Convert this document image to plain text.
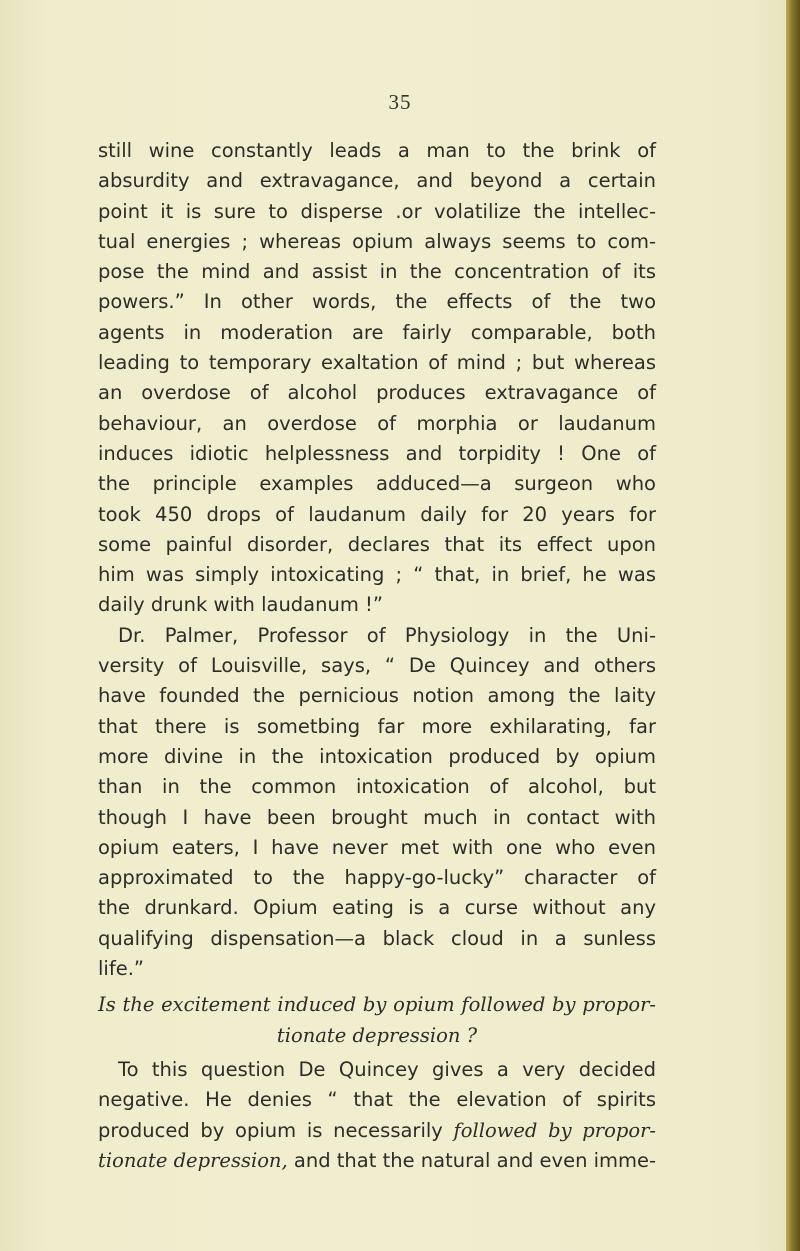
35
still wine constantly leads a man to the brink of
absurdity and extravagance, and beyond a certain
point it is sure to disperse .or volatilize the intellec-
tual energies ; whereas opium always seems to com-
pose the mind and assist in the concentration of its
powers.” In other words, the effects of the two
agents in moderation are fairly comparable, both
leading to temporary exaltation of mind ; but whereas
an overdose of alcohol produces extravagance of
behaviour, an overdose of morphia or laudanum
induces idiotic helplessness and torpidity ! One of
the principle examples adduced—a surgeon who
took 450 drops of laudanum daily for 20 years for
some painful disorder, declares that its effect upon
him was simply intoxicating ; “ that, in brief, he was
daily drunk with laudanum !”
Dr. Palmer, Professor of Physiology in the Uni-
versity of Louisville, says, “ De Quincey and others
have founded the pernicious notion among the laity
that there is sometbing far more exhilarating, far
more divine in the intoxication produced by opium
than in the common intoxication of alcohol, but
though I have been brought much in contact with
opium eaters, I have never met with one who even
approximated to the happy-go-lucky” character of
the drunkard. Opium eating is a curse without any
qualifying dispensation—a black cloud in a sunless
life.”
Is the excitement induced by opium followed by propor-
tionate depression ?
To this question De Quincey gives a very decided
negative. He denies “ that the elevation of spirits
produced by opium is necessarily followed by propor-
tionate depression, and that the natural and even imme-
